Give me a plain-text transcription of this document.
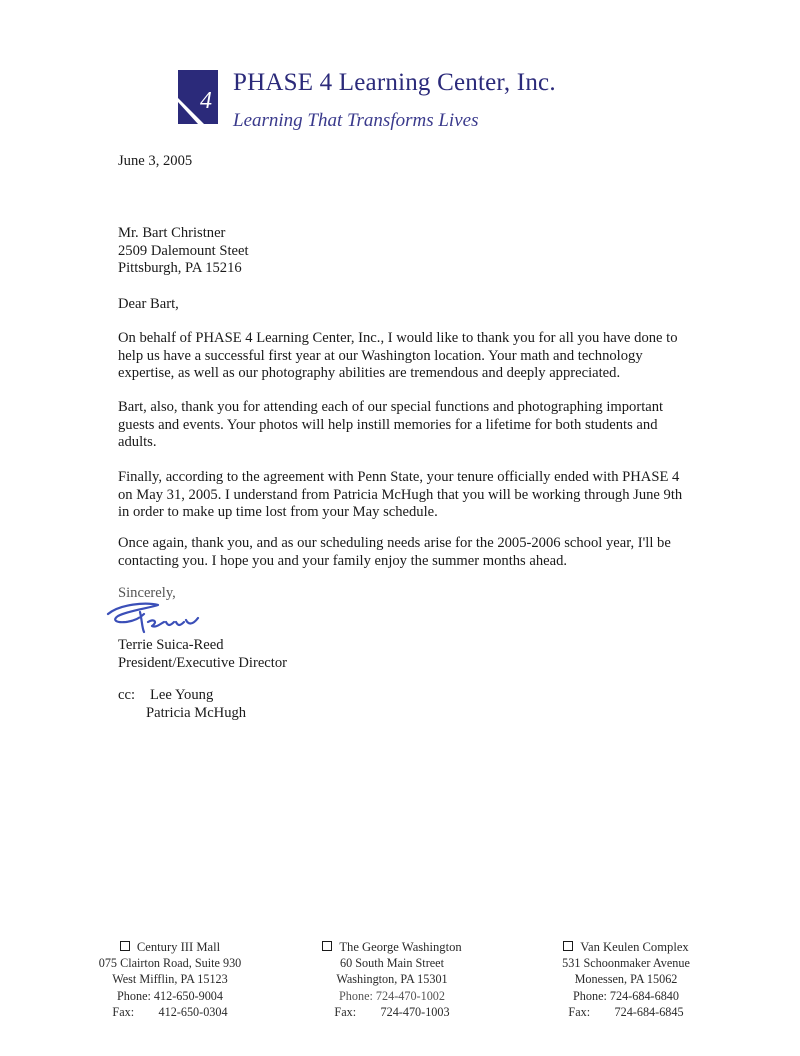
4
PHASE 4 Learning Center, Inc.
Learning That Transforms Lives
June 3, 2005
Mr. Bart Christner
2509 Dalemount Steet
Pittsburgh, PA 15216
Dear Bart,
On behalf of PHASE 4 Learning Center, Inc., I would like to thank you for all you have done to
help us have a successful first year at our Washington location. Your math and technology
expertise, as well as our photography abilities are tremendous and deeply appreciated.
Bart, also, thank you for attending each of our special functions and photographing important
guests and events. Your photos will help instill memories for a lifetime for both students and
adults.
Finally, according to the agreement with Penn State, your tenure officially ended with PHASE 4
on May 31, 2005. I understand from Patricia McHugh that you will be working through June 9th
in order to make up time lost from your May schedule.
Once again, thank you, and as our scheduling needs arise for the 2005-2006 school year, I'll be
contacting you. I hope you and your family enjoy the summer months ahead.
Sincerely,
Terrie Suica-Reed
President/Executive Director
cc: Lee Young
Patricia McHugh
Century III Mall
075 Clairton Road, Suite 930
West Mifflin, PA 15123
Phone: 412-650-9004
Fax: 412-650-0304
The George Washington
60 South Main Street
Washington, PA 15301
Phone: 724-470-1002
Fax: 724-470-1003
Van Keulen Complex
531 Schoonmaker Avenue
Monessen, PA 15062
Phone: 724-684-6840
Fax: 724-684-6845
